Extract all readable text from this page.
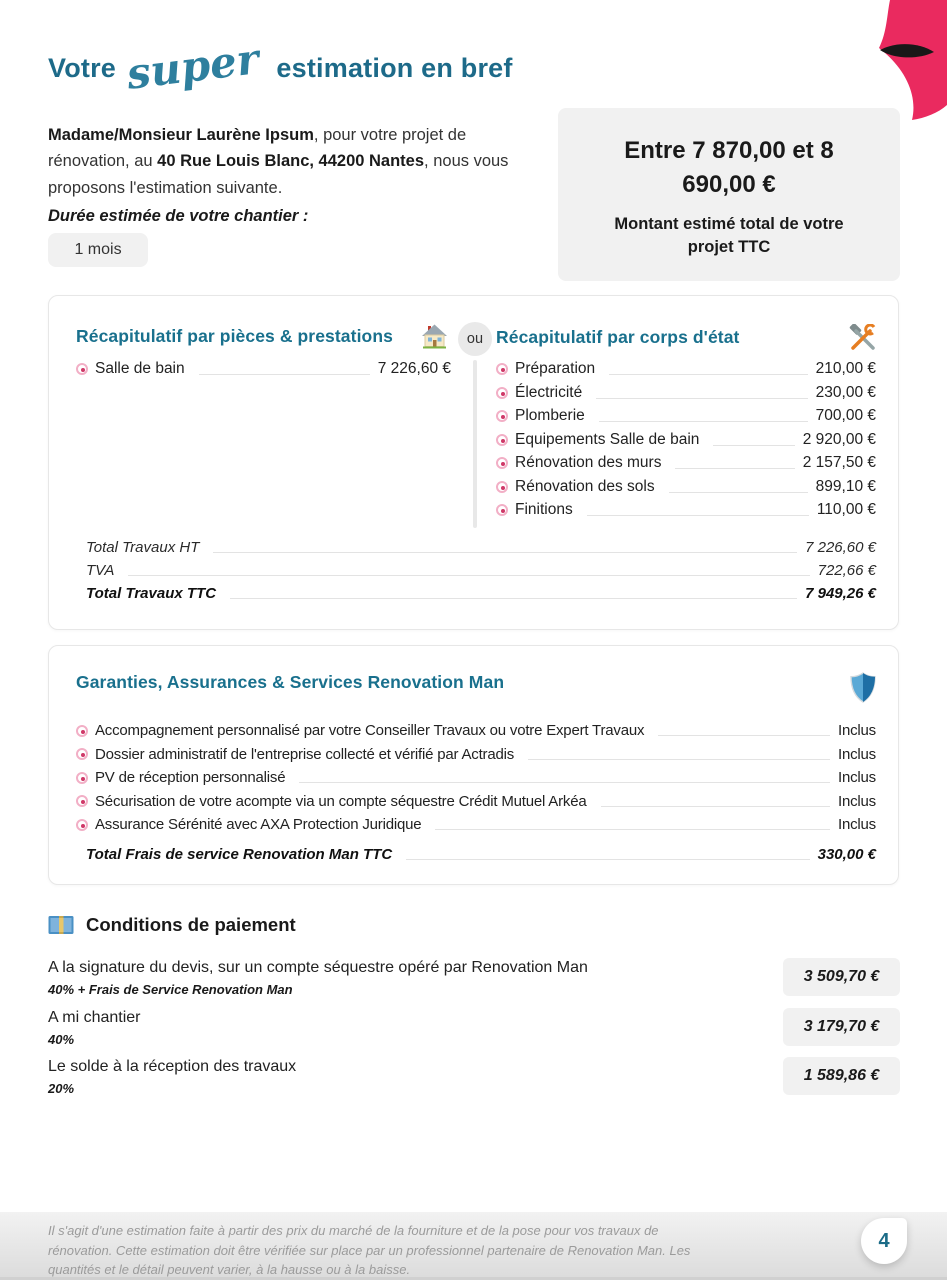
Votre super estimation en bref

Madame/Monsieur Laurène Ipsum, pour votre projet de rénovation, au 40 Rue Louis Blanc, 44200 Nantes, nous vous proposons l'estimation suivante.

Durée estimée de votre chantier :
1 mois
Entre 7 870,00 et 8 690,00 €
Montant estimé total de votre projet TTC
Récapitulatif par pièces & prestations
Salle de bain	7 226,60 €
ou Récapitulatif par corps d'état
Préparation	210,00 €
Électricité	230,00 €
Plomberie	700,00 €
Equipements Salle de bain	2 920,00 €
Rénovation des murs	2 157,50 €
Rénovation des sols	899,10 €
Finitions	110,00 €
Total Travaux HT	7 226,60 €
TVA	722,66 €
Total Travaux TTC	7 949,26 €
Garanties, Assurances & Services Renovation Man
Accompagnement personnalisé par votre Conseiller Travaux ou votre Expert Travaux	Inclus
Dossier administratif de l'entreprise collecté et vérifié par Actradis	Inclus
PV de réception personnalisé	Inclus
Sécurisation de votre acompte via un compte séquestre Crédit Mutuel Arkéa	Inclus
Assurance Sérénité avec AXA Protection Juridique	Inclus
Total Frais de service Renovation Man TTC	330,00 €
Conditions de paiement
A la signature du devis, sur un compte séquestre opéré par Renovation Man
40% + Frais de Service Renovation Man
3 509,70 €
A mi chantier
40%
3 179,70 €
Le solde à la réception des travaux
20%
1 589,86 €

Il s'agit d'une estimation faite à partir des prix du marché de la fourniture et de la pose pour vos travaux de rénovation. Cette estimation doit être vérifiée sur place par un professionnel partenaire de Renovation Man. Les quantités et le détail peuvent varier, à la hausse ou à la baisse.

4
